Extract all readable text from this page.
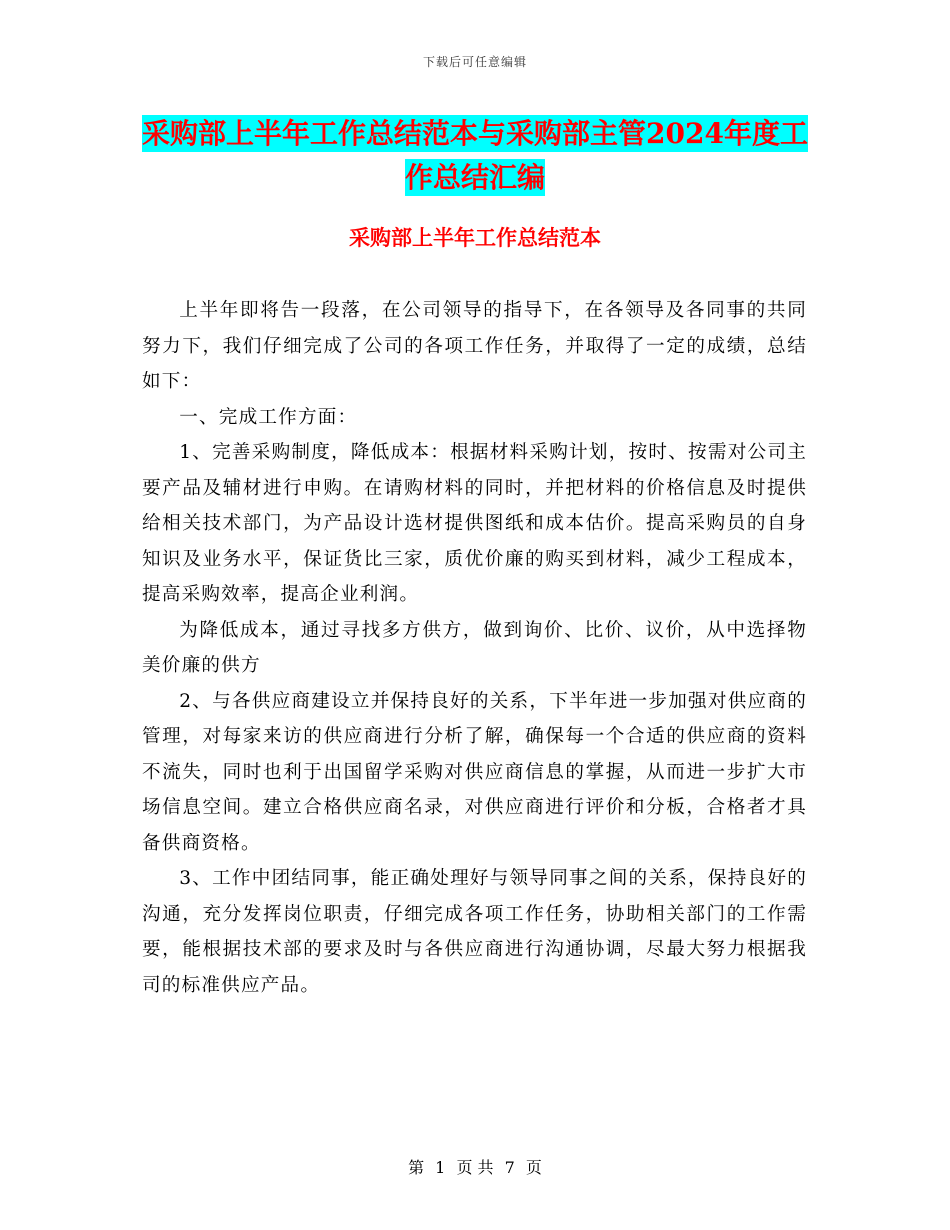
下载后可任意编辑
采购部上半年工作总结范本与采购部主管2024年度工作总结汇编
采购部上半年工作总结范本

上半年即将告一段落，在公司领导的指导下，在各领导及各同事的共同努力下，我们仔细完成了公司的各项工作任务，并取得了一定的成绩，总结如下：

一、完成工作方面：

1、完善采购制度，降低成本：根据材料采购计划，按时、按需对公司主要产品及辅材进行申购。在请购材料的同时，并把材料的价格信息及时提供给相关技术部门，为产品设计选材提供图纸和成本估价。提高采购员的自身知识及业务水平，保证货比三家，质优价廉的购买到材料，减少工程成本，提高采购效率，提高企业利润。

为降低成本，通过寻找多方供方，做到询价、比价、议价，从中选择物美价廉的供方

2、与各供应商建设立并保持良好的关系，下半年进一步加强对供应商的管理，对每家来访的供应商进行分析了解，确保每一个合适的供应商的资料不流失，同时也利于出国留学采购对供应商信息的掌握，从而进一步扩大市场信息空间。建立合格供应商名录，对供应商进行评价和分板，合格者才具备供商资格。

3、工作中团结同事，能正确处理好与领导同事之间的关系，保持良好的沟通，充分发挥岗位职责，仔细完成各项工作任务，协助相关部门的工作需要，能根据技术部的要求及时与各供应商进行沟通协调，尽最大努力根据我司的标准供应产品。

第 1 页 共 7 页
